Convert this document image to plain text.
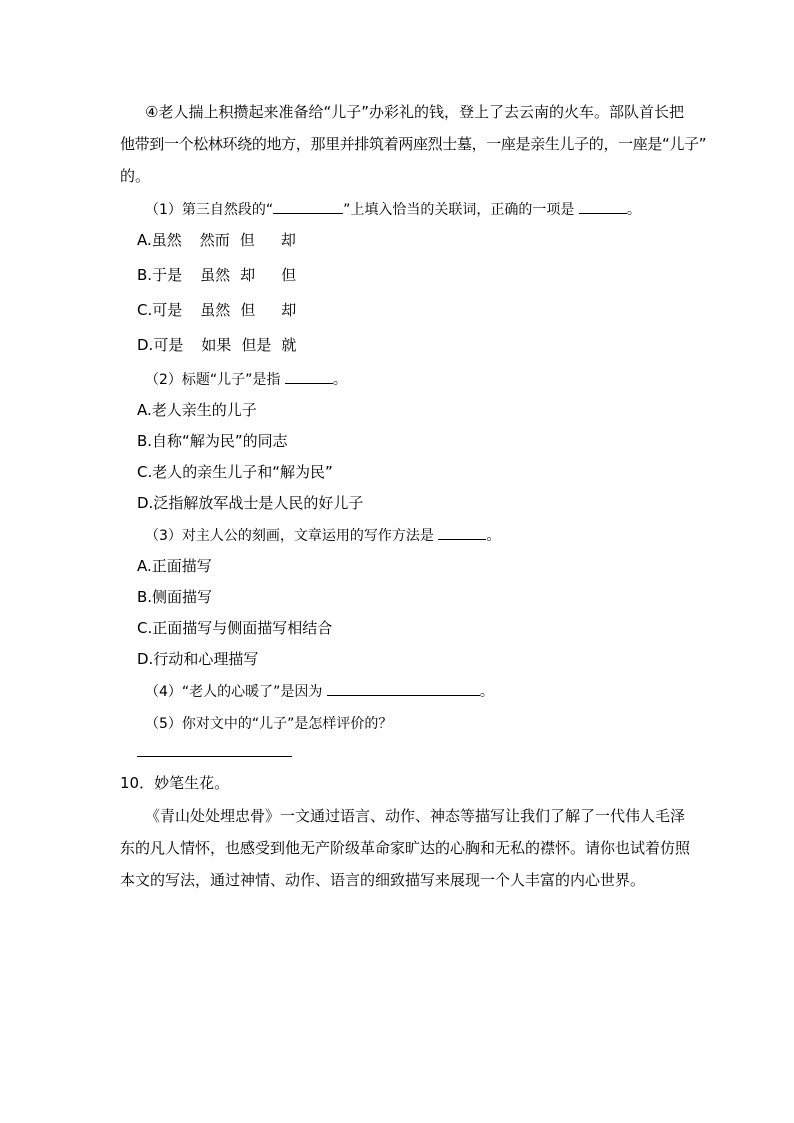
④老人揣上积攒起来准备给“儿子”办彩礼的钱，登上了去云南的火车。部队首长把
他带到一个松林环绕的地方，那里并排筑着两座烈士墓，一座是亲生儿子的，一座是“儿子”
的。
（1）第三自然段的“	”上填入恰当的关联词，正确的一项是	。
A.虽然 然而 但 却
B.于是 虽然 却 但
C.可是 虽然 但 却
D.可是 如果 但是 就
（2）标题“儿子”是指	。
A.老人亲生的儿子
B.自称“解为民”的同志
C.老人的亲生儿子和“解为民”
D.泛指解放军战士是人民的好儿子
（3）对主人公的刻画，文章运用的写作方法是	。
A.正面描写
B.侧面描写
C.正面描写与侧面描写相结合
D.行动和心理描写
（4）“老人的心暖了”是因为	。
（5）你对文中的“儿子”是怎样评价的？
10．妙笔生花。
《青山处处埋忠骨》一文通过语言、动作、神态等描写让我们了解了一代伟人毛泽
东的凡人情怀，也感受到他无产阶级革命家旷达的心胸和无私的襟怀。请你也试着仿照
本文的写法，通过神情、动作、语言的细致描写来展现一个人丰富的内心世界。
